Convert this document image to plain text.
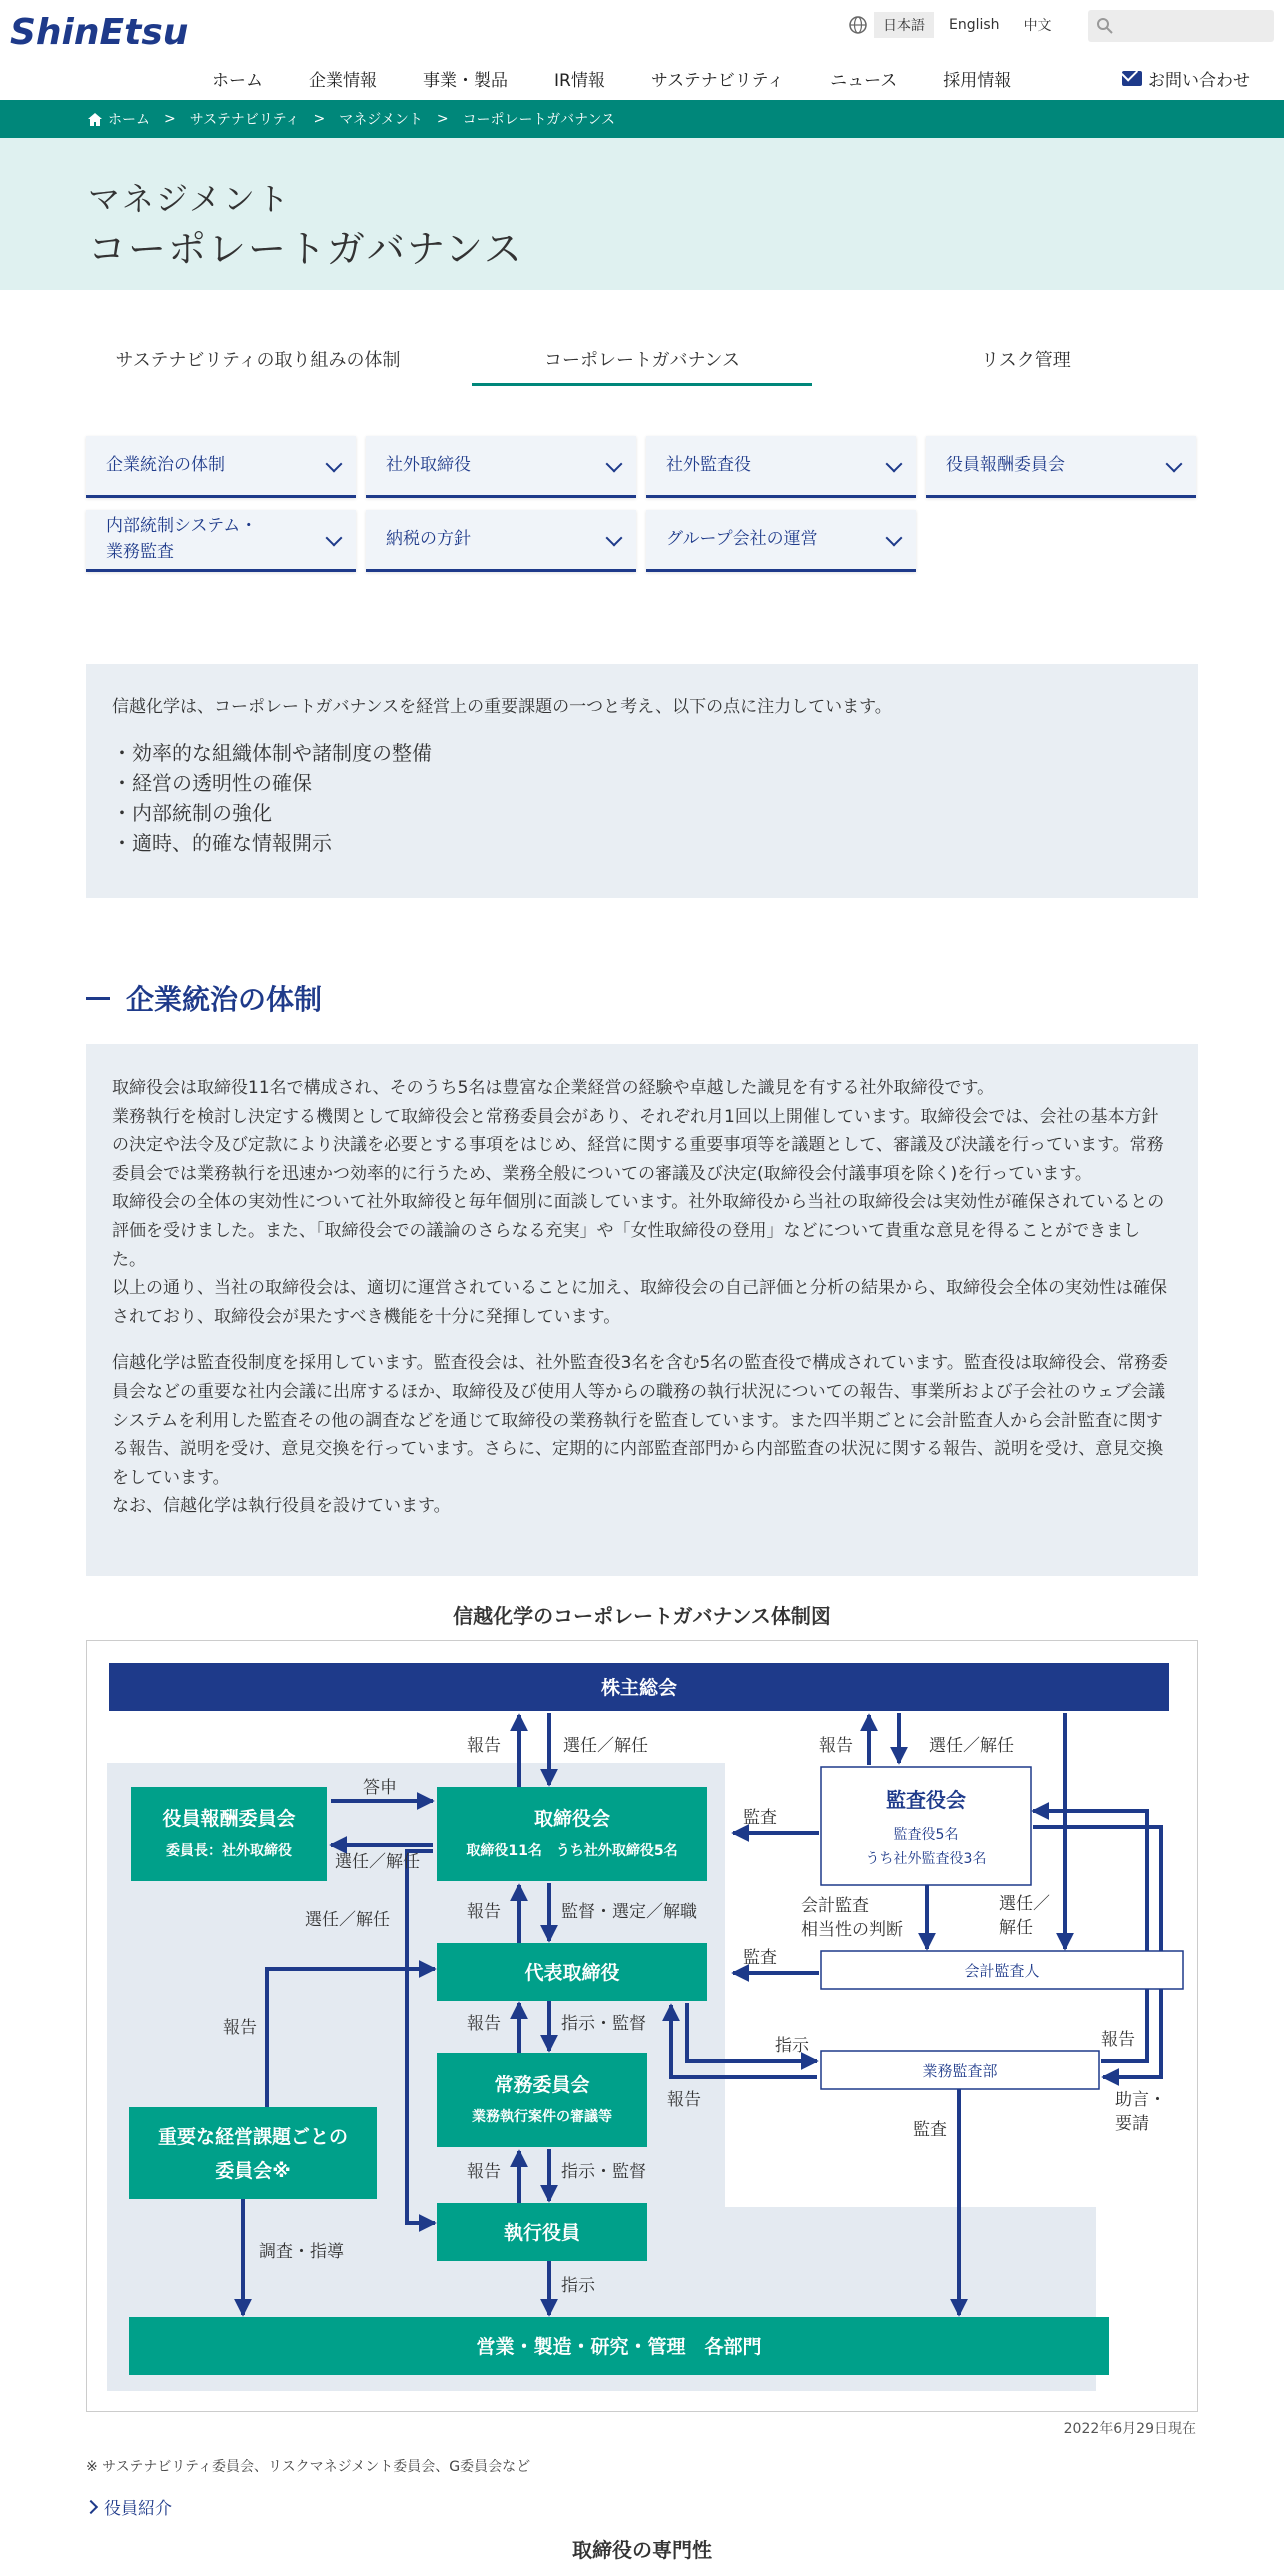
ShinEtsu	日本語	English	中文
ホーム	企業情報	事業・製品	IR情報	サステナビリティ	ニュース	採用情報	お問い合わせ
ホーム > サステナビリティ > マネジメント > コーポレートガバナンス
マネジメント
コーポレートガバナンス
サステナビリティの取り組みの体制	コーポレートガバナンス	リスク管理
企業統治の体制	社外取締役	社外監査役	役員報酬委員会
内部統制システム・
業務監査
納税の方針	グループ会社の運営

信越化学は、コーポレートガバナンスを経営上の重要課題の一つと考え、以下の点に注力しています。

・効率的な組織体制や諸制度の整備
・経営の透明性の確保
・内部統制の強化
・適時、的確な情報開示
企業統治の体制

取締役会は取締役11名で構成され、そのうち5名は豊富な企業経営の経験や卓越した識見を有する社外取締役です。
業務執行を検討し決定する機関として取締役会と常務委員会があり、それぞれ月1回以上開催しています。取締役会では、会社の基本方針の決定や法令及び定款により決議を必要とする事項をはじめ、経営に関する重要事項等を議題として、審議及び決議を行っています。常務委員会では業務執行を迅速かつ効率的に行うため、業務全般についての審議及び決定(取締役会付議事項を除く)を行っています。
取締役会の全体の実効性について社外取締役と毎年個別に面談しています。社外取締役から当社の取締役会は実効性が確保されているとの評価を受けました。また、「取締役会での議論のさらなる充実」や「女性取締役の登用」などについて貴重な意見を得ることができました。
以上の通り、当社の取締役会は、適切に運営されていることに加え、取締役会の自己評価と分析の結果から、取締役会全体の実効性は確保されており、取締役会が果たすべき機能を十分に発揮しています。

信越化学は監査役制度を採用しています。監査役会は、社外監査役3名を含む5名の監査役で構成されています。監査役は取締役会、常務委員会などの重要な社内会議に出席するほか、取締役及び使用人等からの職務の執行状況についての報告、事業所および子会社のウェブ会議システムを利用した監査その他の調査などを通じて取締役の業務執行を監査しています。また四半期ごとに会計監査人から会計監査に関する報告、説明を受け、意見交換を行っています。さらに、定期的に内部監査部門から内部監査の状況に関する報告、説明を受け、意見交換をしています。
なお、信越化学は執行役員を設けています。

信越化学のコーポレートガバナンス体制図
株主総会
役員報酬委員会
委員長：社外取締役
取締役会
取締役11名　うち社外取締役5名
監査役会
監査役5名
うち社外監査役3名
代表取締役	会計監査人
業務監査部
常務委員会
業務執行案件の審議等
重要な経営課題ごとの
委員会※
執行役員
営業・製造・研究・管理　各部門
報告	選任／解任	報告	選任／解任
答申
選任／解任
監査
報告	監督・選定／解職
選任／解任
会計監査
相当性の判断
選任／
解任
監査
報告	報告	指示・監督
指示
報告
報告
助言・
要請
監査
報告	指示・監督
調査・指導
指示
2022年6月29日現在
※ サステナビリティ委員会、リスクマネジメント委員会、G委員会など
役員紹介
取締役の専門性
